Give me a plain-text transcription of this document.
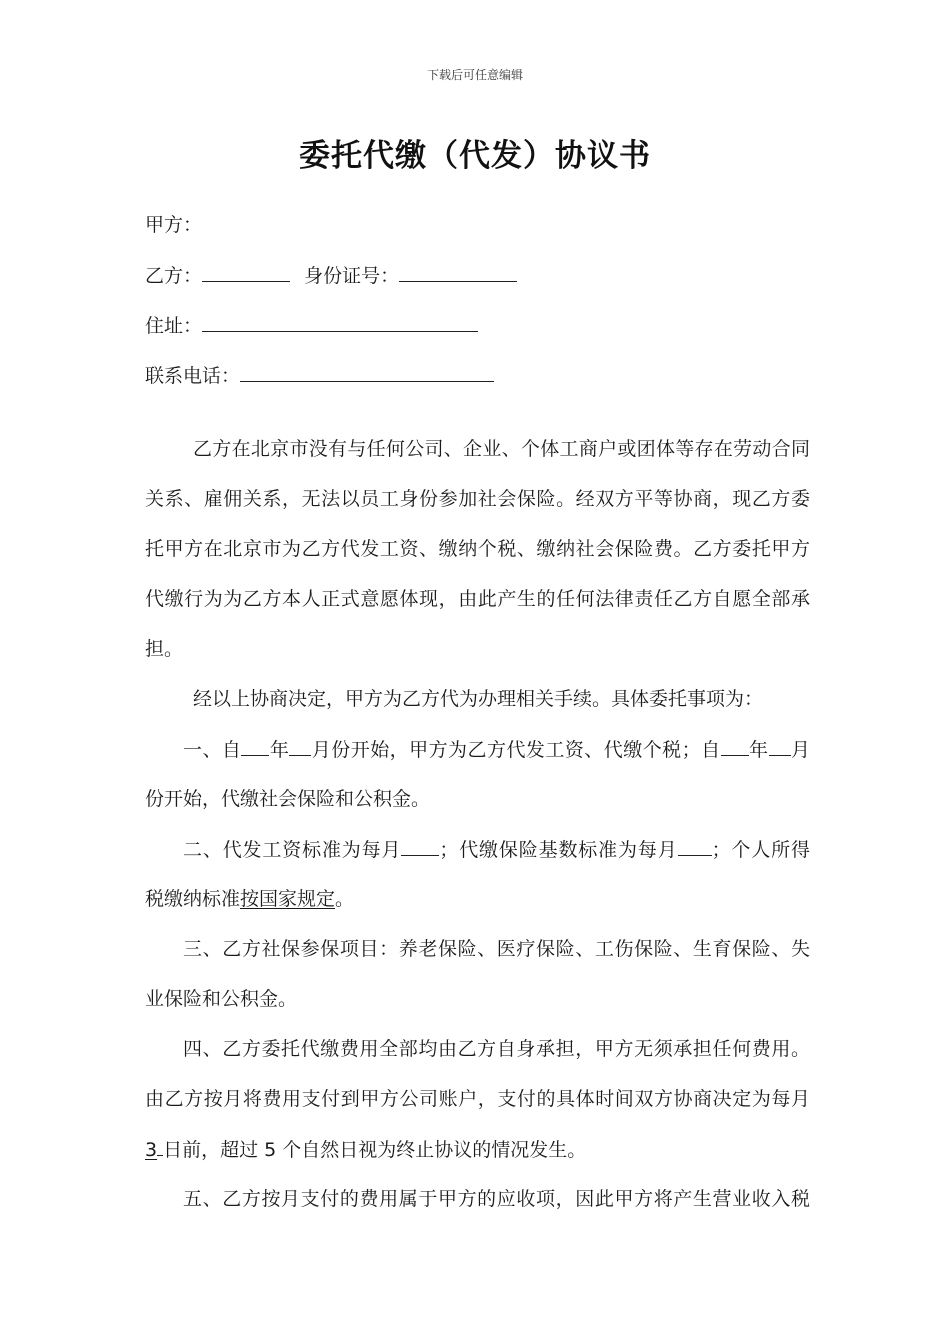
下载后可任意编辑
委托代缴（代发）协议书
甲方：
乙方：	身份证号：
住址：
联系电话：
乙方在北京市没有与任何公司、企业、个体工商户或团体等存在劳动合同
关系、雇佣关系，无法以员工身份参加社会保险。经双方平等协商，现乙方委
托甲方在北京市为乙方代发工资、缴纳个税、缴纳社会保险费。乙方委托甲方
代缴行为为乙方本人正式意愿体现，由此产生的任何法律责任乙方自愿全部承
担。
经以上协商决定，甲方为乙方代为办理相关手续。具体委托事项为：
一、自 年 月份开始，甲方为乙方代发工资、代缴个税；自 年 月
份开始，代缴社会保险和公积金。
二、代发工资标准为每月 ；代缴保险基数标准为每月 ；个人所得
税缴纳标准按国家规定。
三、乙方社保参保项目：养老保险、医疗保险、工伤保险、生育保险、失
业保险和公积金。
四、乙方委托代缴费用全部均由乙方自身承担，甲方无须承担任何费用。
由乙方按月将费用支付到甲方公司账户，支付的具体时间双方协商决定为每月
3 日前，超过 5 个自然日视为终止协议的情况发生。
五、乙方按月支付的费用属于甲方的应收项，因此甲方将产生营业收入税
